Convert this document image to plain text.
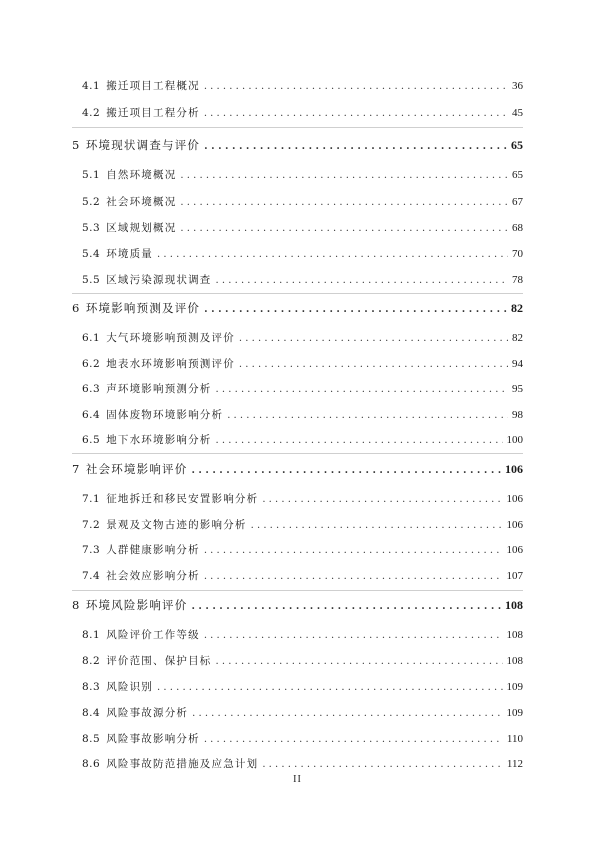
4.1 搬迁项目工程概况 . . .	36
4.2 搬迁项目工程分析 . . .	45
5 环境现状调查与评价 . . .	65
5.1 自然环境概况 . . .	65
5.2 社会环境概况 . . .	67
5.3 区域规划概况 . . .	68
5.4 环境质量 . . .	70
5.5 区域污染源现状调查 . . .	78
6 环境影响预测及评价 . . .	82
6.1 大气环境影响预测及评价 . . .	82
6.2 地表水环境影响预测评价 . . .	94
6.3 声环境影响预测分析 . . .	95
6.4 固体废物环境影响分析 . . .	98
6.5 地下水环境影响分析 . . .	100
7 社会环境影响评价 . . .	106
7.1 征地拆迁和移民安置影响分析 . . .	106
7.2 景观及文物古迹的影响分析 . . .	106
7.3 人群健康影响分析 . . .	106
7.4 社会效应影响分析 . . .	107
8 环境风险影响评价 . . .	108
8.1 风险评价工作等级 . . .	108
8.2 评价范围、保护目标 . . .	108
8.3 风险识别 . . .	109
8.4 风险事故源分析 . . .	109
8.5 风险事故影响分析 . . .	110
8.6 风险事故防范措施及应急计划 . . .	112
II
